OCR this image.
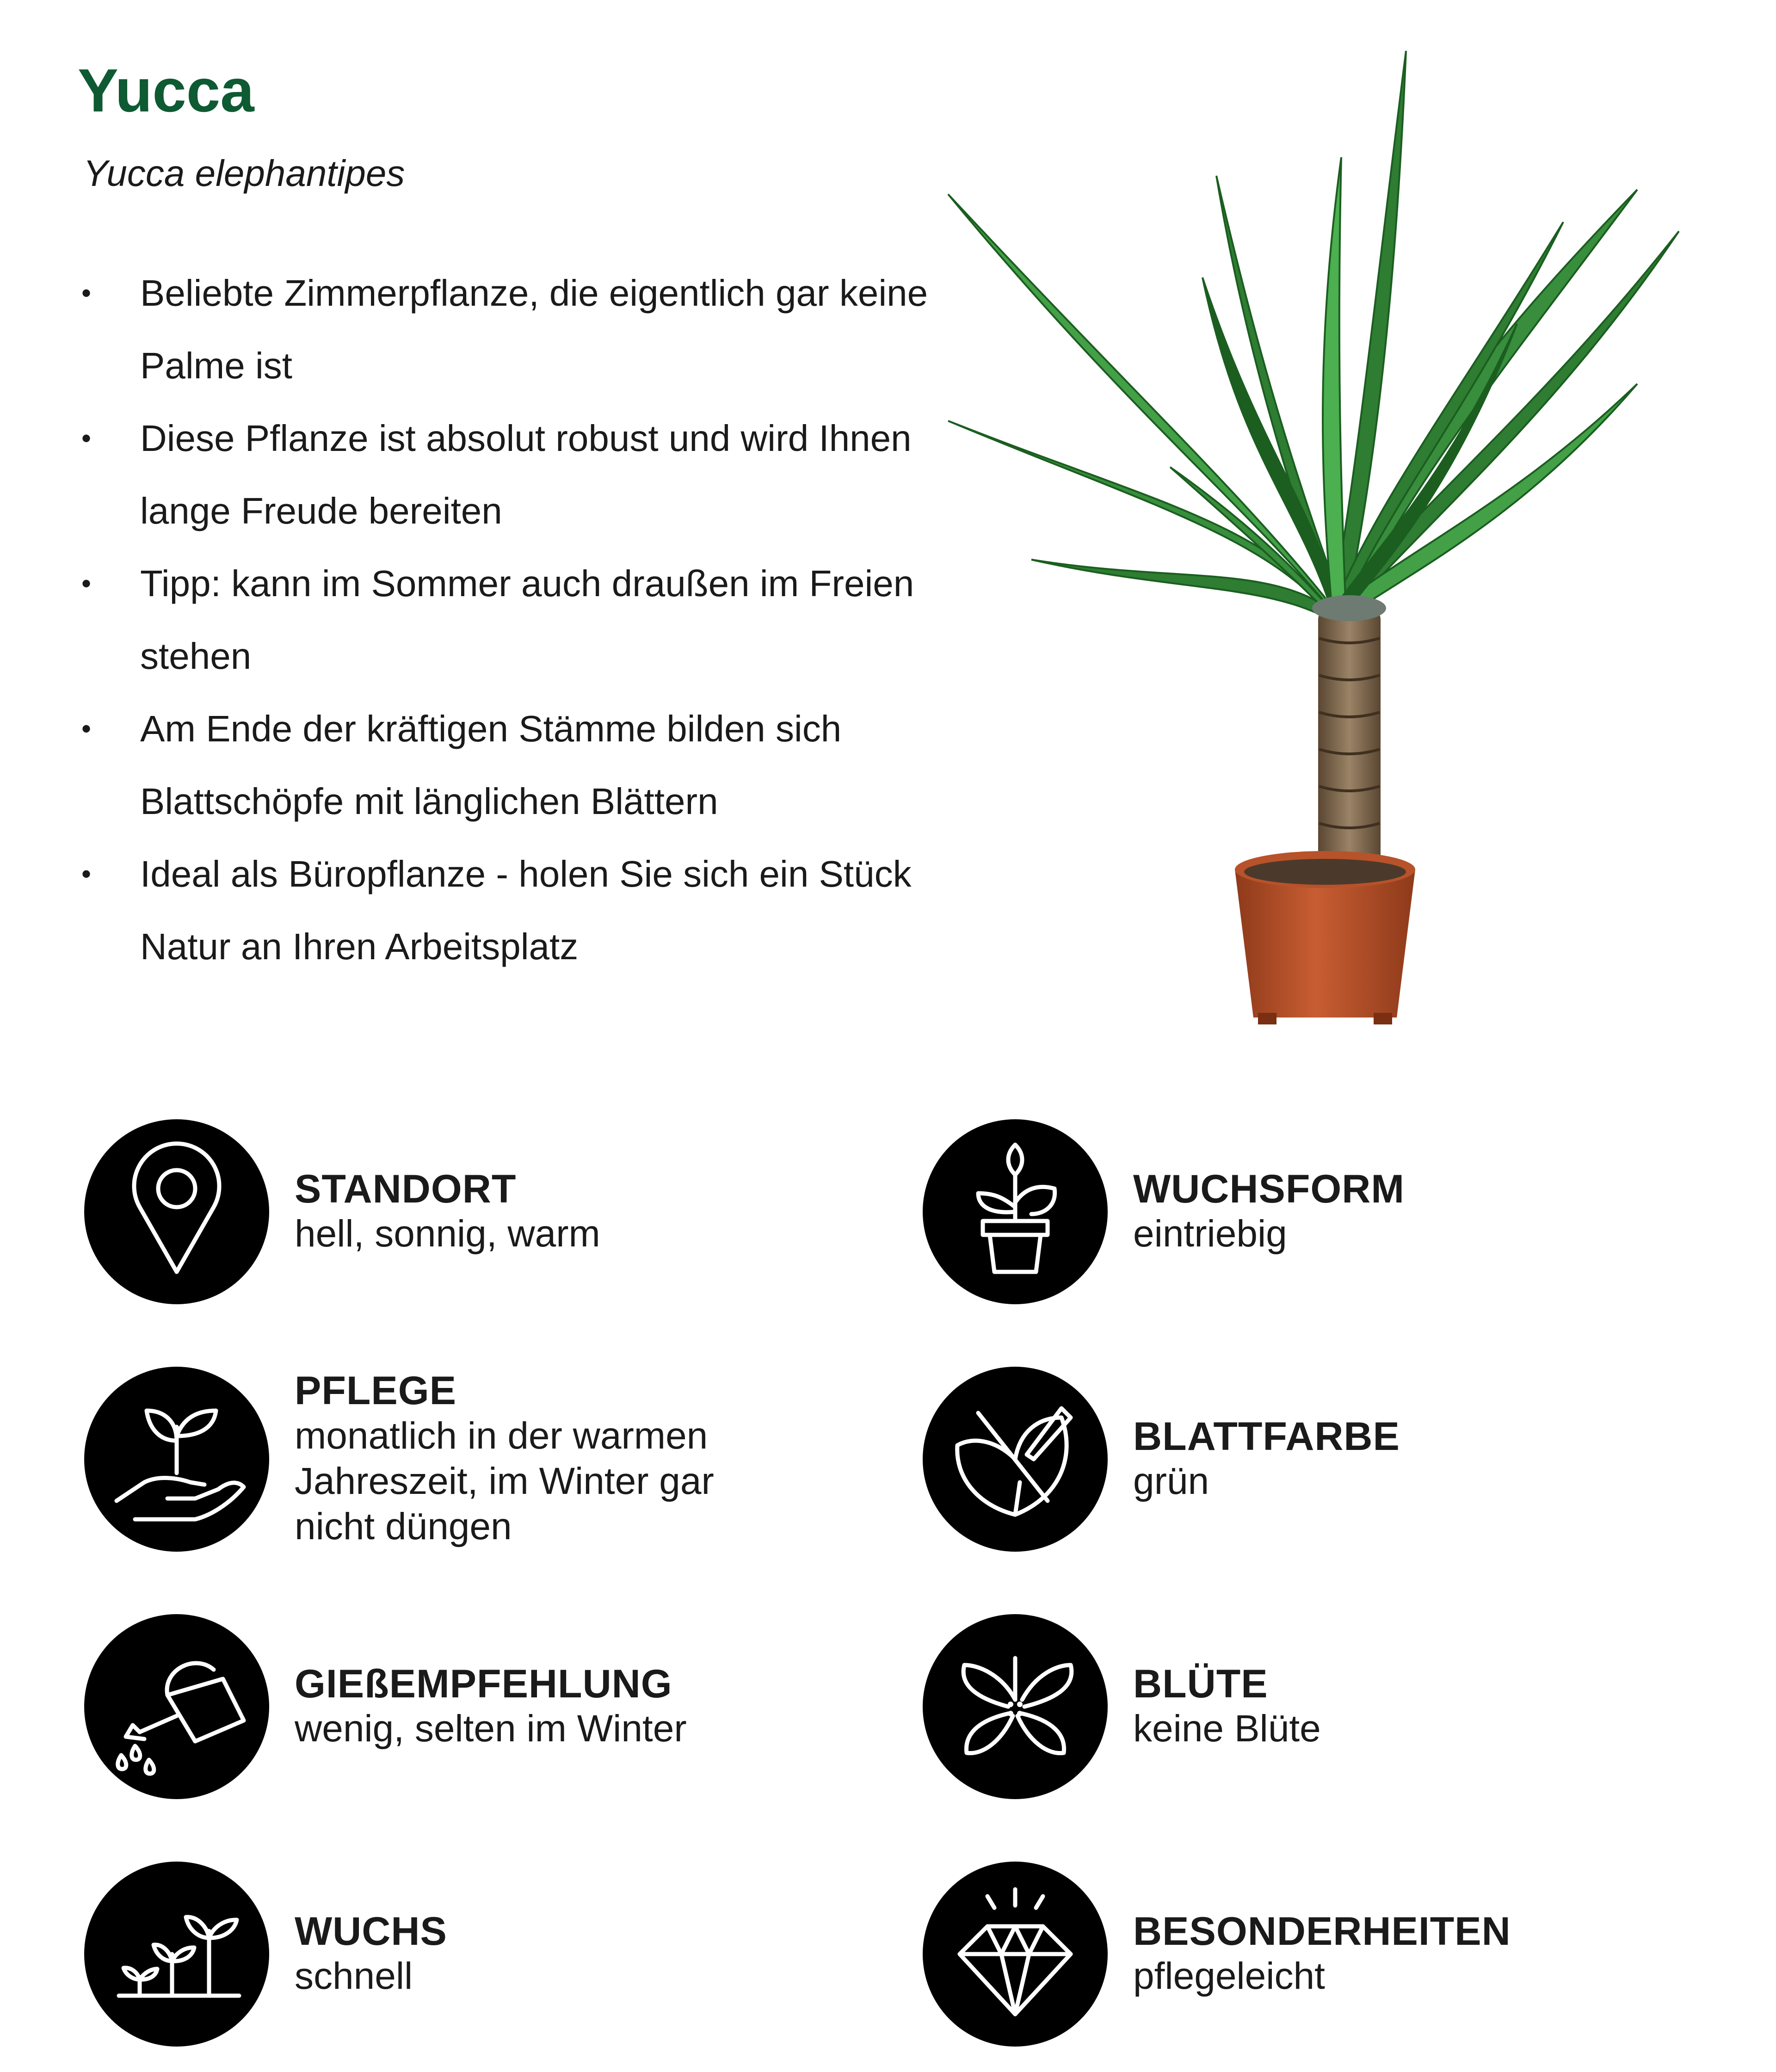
Yucca

Yucca elephantipes

• Beliebte Zimmerpflanze, die eigentlich gar keine Palme ist
• Diese Pflanze ist absolut robust und wird Ihnen lange Freude bereiten
• Tipp: kann im Sommer auch draußen im Freien stehen
• Am Ende der kräftigen Stämme bilden sich Blattschöpfe mit länglichen Blättern
• Ideal als Büropflanze - holen Sie sich ein Stück Natur an Ihren Arbeitsplatz
STANDORT
hell, sonnig, warm
PFLEGE
monatlich in der warmen Jahreszeit, im Winter gar nicht düngen
GIEßEMPFEHLUNG
wenig, selten im Winter
WUCHS
schnell
WUCHSFORM
eintriebig
BLATTFARBE
grün
BLÜTE
keine Blüte
BESONDERHEITEN
pflegeleicht
